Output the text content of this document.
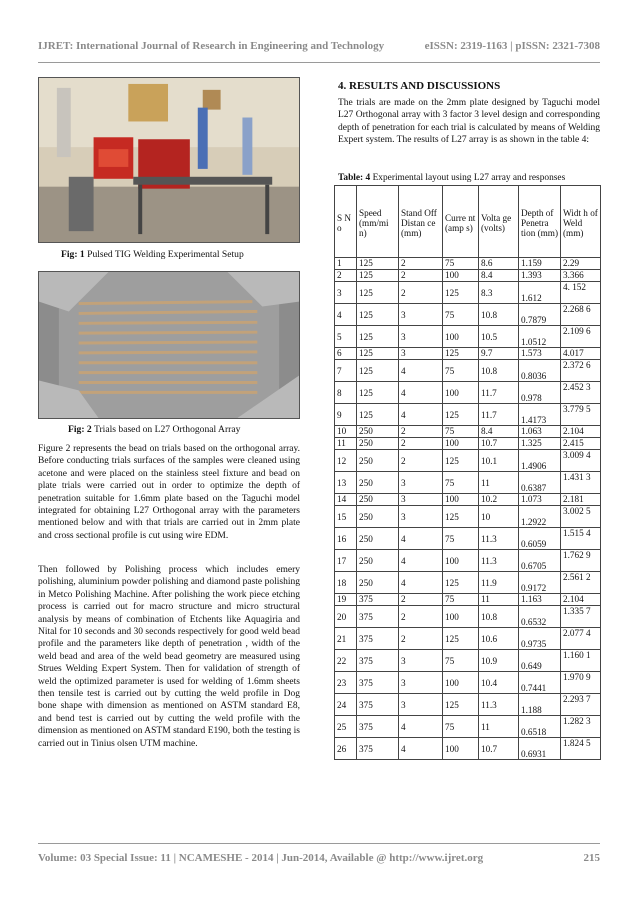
IJRET: International Journal of Research in Engineering and Technology	eISSN: 2319-1163 | pISSN: 2321-7308
Fig: 1 Pulsed TIG Welding Experimental Setup
Fig: 2 Trials based on L27 Orthogonal Array

Figure 2 represents the bead on trials based on the orthogonal array. Before conducting trials surfaces of the samples were cleaned using acetone and were placed on the stainless steel fixture and bead on plate trials were carried out in order to optimize the depth of penetration suitable for 1.6mm plate based on the Taguchi model integrated for obtaining L27 Orthogonal array with the parameters mentioned below and with that trials are carried out in 2mm plate and cross sectional profile is cut using wire EDM.

Then followed by Polishing process which includes emery polishing, aluminium powder polishing and diamond paste polishing in Metco Polishing Machine. After polishing the work piece etching process is carried out for macro structure and micro structural analysis by means of combination of Etchents like Aquagiria and Nital for 10 seconds and 30 seconds respectively for good weld bead profile and the parameters like depth of penetration , width of the weld bead and area of the weld bead geometry are measured using Strues Welding Expert System. Then for validation of strength of weld the optimized parameter is used for welding of 1.6mm sheets then tensile test is carried out by cutting the weld profile in Dog bone shape with dimension as mentioned on ASTM standard E8, and bend test is carried out by cutting the weld profile with the dimension as mentioned on ASTM standard E190, both the testing is carried out in Tinius olsen UTM machine.

4. RESULTS AND DISCUSSIONS

The trials are made on the 2mm plate designed by Taguchi model L27 Orthogonal array with 3 factor 3 level design and corresponding depth of penetration for each trial is calculated by means of Welding Expert system. The results of L27 array is as shown in the table 4:

Table: 4 Experimental layout using L27 array and responses
S N o	Speed (mm/mi n)	Stand Off Distan ce (mm)	Curre nt (amp s)	Volta ge (volts)	Depth of Penetra tion (mm)	Widt h of Weld (mm)
1	125	2	75	8.6	1.159	2.29
2	125	2	100	8.4	1.393	3.366
3	125	2	125	8.3	1.612	4. 152
4	125	3	75	10.8	0.7879	2.268 6
5	125	3	100	10.5	1.0512	2.109 6
6	125	3	125	9.7	1.573	4.017
7	125	4	75	10.8	0.8036	2.372 6
8	125	4	100	11.7	0.978	2.452 3
9	125	4	125	11.7	1.4173	3.779 5
10	250	2	75	8.4	1.063	2.104
11	250	2	100	10.7	1.325	2.415
12	250	2	125	10.1	1.4906	3.009 4
13	250	3	75	11	0.6387	1.431 3
14	250	3	100	10.2	1.073	2.181
15	250	3	125	10	1.2922	3.002 5
16	250	4	75	11.3	0.6059	1.515 4
17	250	4	100	11.3	0.6705	1.762 9
18	250	4	125	11.9	0.9172	2.561 2
19	375	2	75	11	1.163	2.104
20	375	2	100	10.8	0.6532	1.335 7
21	375	2	125	10.6	0.9735	2.077 4
22	375	3	75	10.9	0.649	1.160 1
23	375	3	100	10.4	0.7441	1.970 9
24	375	3	125	11.3	1.188	2.293 7
25	375	4	75	11	0.6518	1.282 3
26	375	4	100	10.7	0.6931	1.824 5
Volume: 03 Special Issue: 11 | NCAMESHE - 2014 | Jun-2014, Available @ http://www.ijret.org	215
